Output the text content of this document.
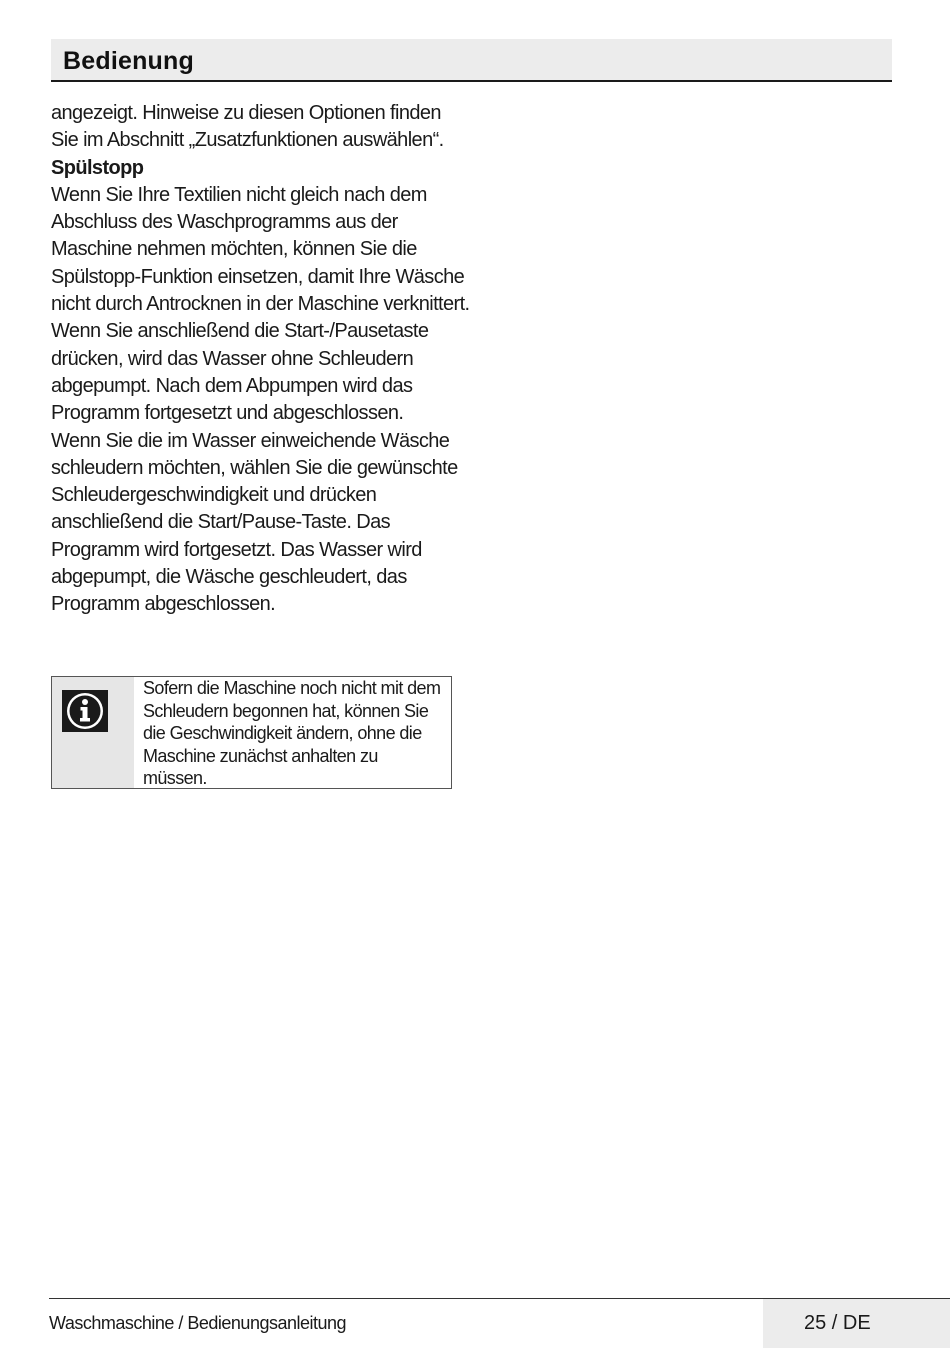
Bedienung

angezeigt. Hinweise zu diesen Optionen finden Sie im Abschnitt „Zusatzfunktionen auswählen“.

Spülstopp

Wenn Sie Ihre Textilien nicht gleich nach dem Abschluss des Waschprogramms aus der Maschine nehmen möchten, können Sie die Spülstopp-Funktion einsetzen, damit Ihre Wäsche nicht durch Antrocknen in der Maschine verknittert. Wenn Sie anschließend die Start-/Pausetaste drücken, wird das Wasser ohne Schleudern abgepumpt. Nach dem Abpumpen wird das Programm fortgesetzt und abgeschlossen.

Wenn Sie die im Wasser einweichende Wäsche schleudern möchten, wählen Sie die gewünschte Schleudergeschwindigkeit und drücken anschließend die Start/Pause-Taste. Das Programm wird fortgesetzt. Das Wasser wird abgepumpt, die Wäsche geschleudert, das Programm abgeschlossen.

Sofern die Maschine noch nicht mit dem Schleudern begonnen hat, können Sie die Geschwindigkeit ändern, ohne die Maschine zunächst anhalten zu müssen.
Waschmaschine / Bedienungsanleitung	25 / DE
